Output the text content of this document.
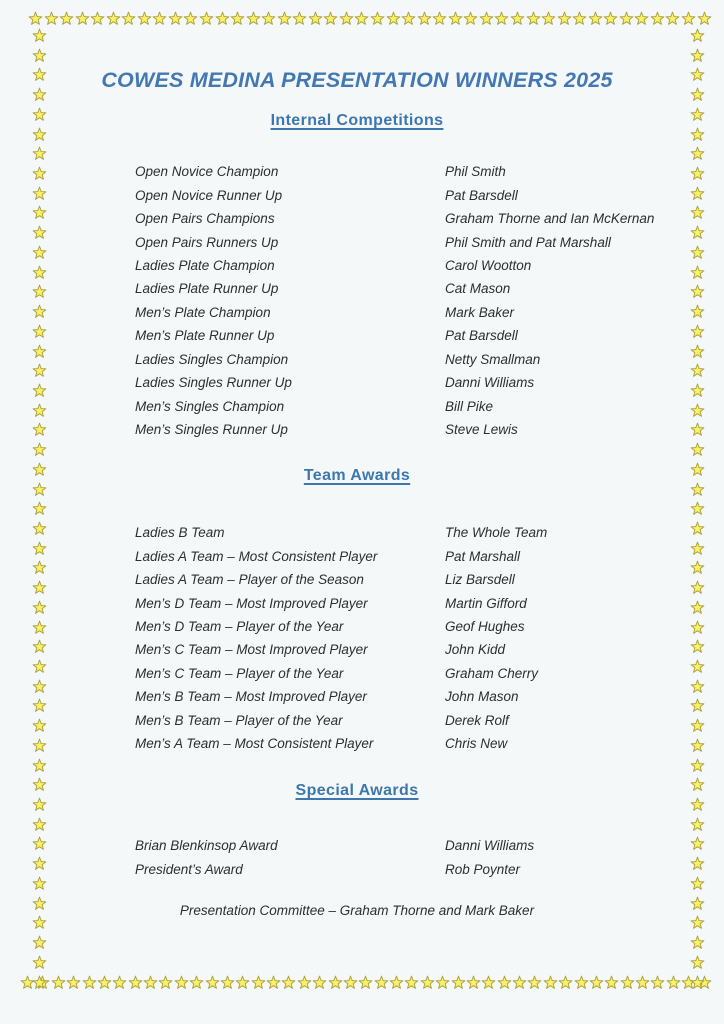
COWES MEDINA PRESENTATION WINNERS 2025
Internal Competitions
Open Novice Champion	Phil Smith
Open Novice Runner Up	Pat Barsdell
Open Pairs Champions	Graham Thorne and Ian McKernan
Open Pairs Runners Up	Phil Smith and Pat Marshall
Ladies Plate Champion	Carol Wootton
Ladies Plate Runner Up	Cat Mason
Men’s Plate Champion	Mark Baker
Men’s Plate Runner Up	Pat Barsdell
Ladies Singles Champion	Netty Smallman
Ladies Singles Runner Up	Danni Williams
Men’s Singles Champion	Bill Pike
Men’s Singles Runner Up	Steve Lewis
Team Awards
Ladies B Team	The Whole Team
Ladies A Team – Most Consistent Player	Pat Marshall
Ladies A Team – Player of the Season	Liz Barsdell
Men’s D Team – Most Improved Player	Martin Gifford
Men’s D Team – Player of the Year	Geof Hughes
Men’s C Team – Most Improved Player	John Kidd
Men’s C Team – Player of the Year	Graham Cherry
Men’s B Team – Most Improved Player	John Mason
Men’s B Team – Player of the Year	Derek Rolf
Men’s A Team – Most Consistent Player	Chris New
Special Awards
Brian Blenkinsop Award	Danni Williams
President’s Award	Rob Poynter
Presentation Committee – Graham Thorne and Mark Baker
